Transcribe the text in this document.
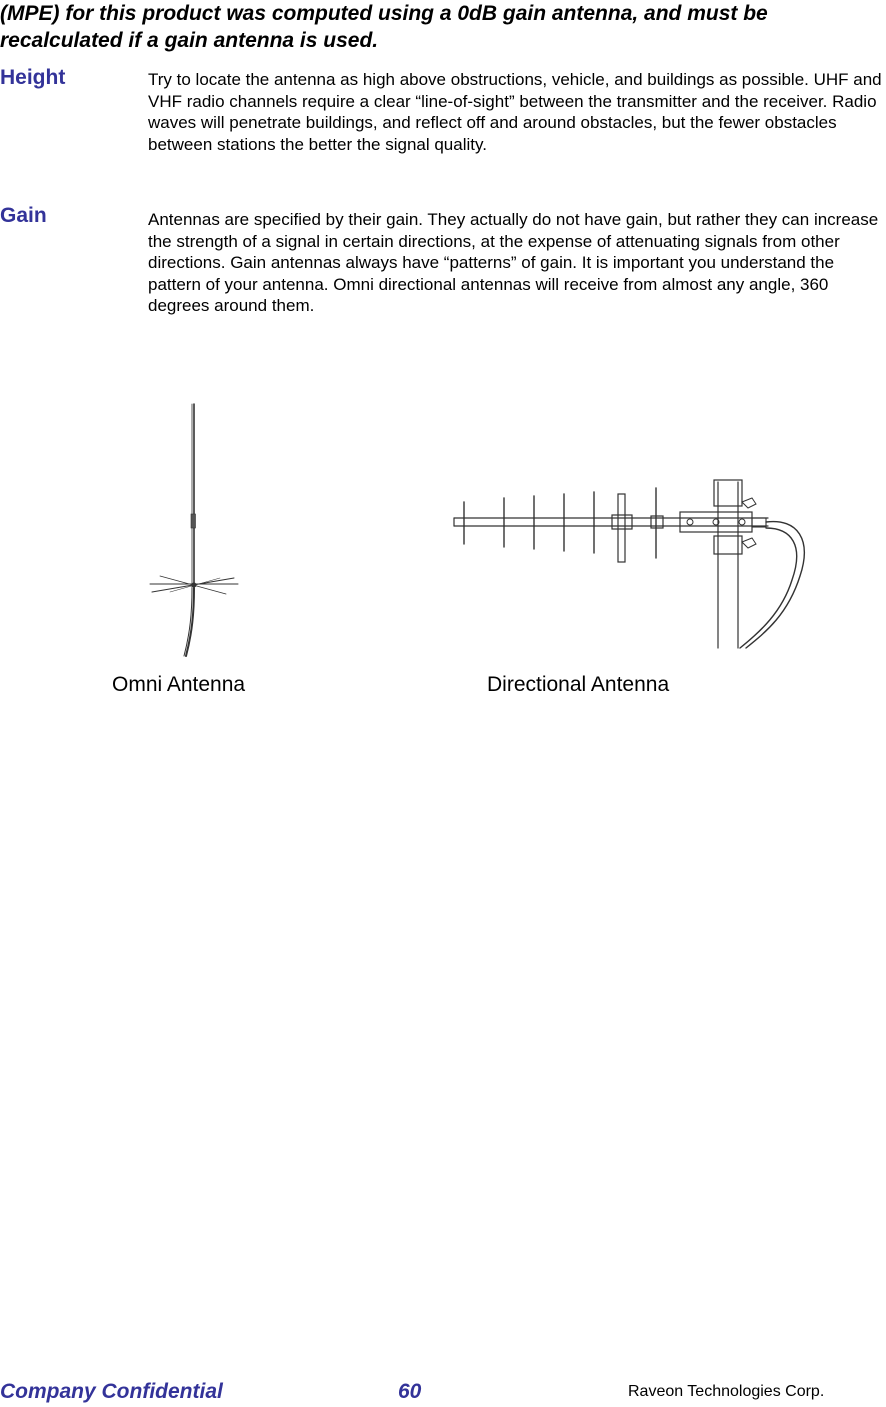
(MPE) for this product was computed using a 0dB gain antenna, and must be recalculated if a gain antenna is used.

Height	Try to locate the antenna as high above obstructions, vehicle, and buildings as possible. UHF and VHF radio channels require a clear “line-of-sight” between the transmitter and the receiver. Radio waves will penetrate buildings, and reflect off and around obstacles, but the fewer obstacles between stations the better the signal quality.

Gain	Antennas are specified by their gain. They actually do not have gain, but rather they can increase the strength of a signal in certain directions, at the expense of attenuating signals from other directions. Gain antennas always have “patterns” of gain. It is important you understand the pattern of your antenna. Omni directional antennas will receive from almost any angle, 360 degrees around them.

Omni Antenna	Directional Antenna
Company Confidential	60	Raveon Technologies Corp.
